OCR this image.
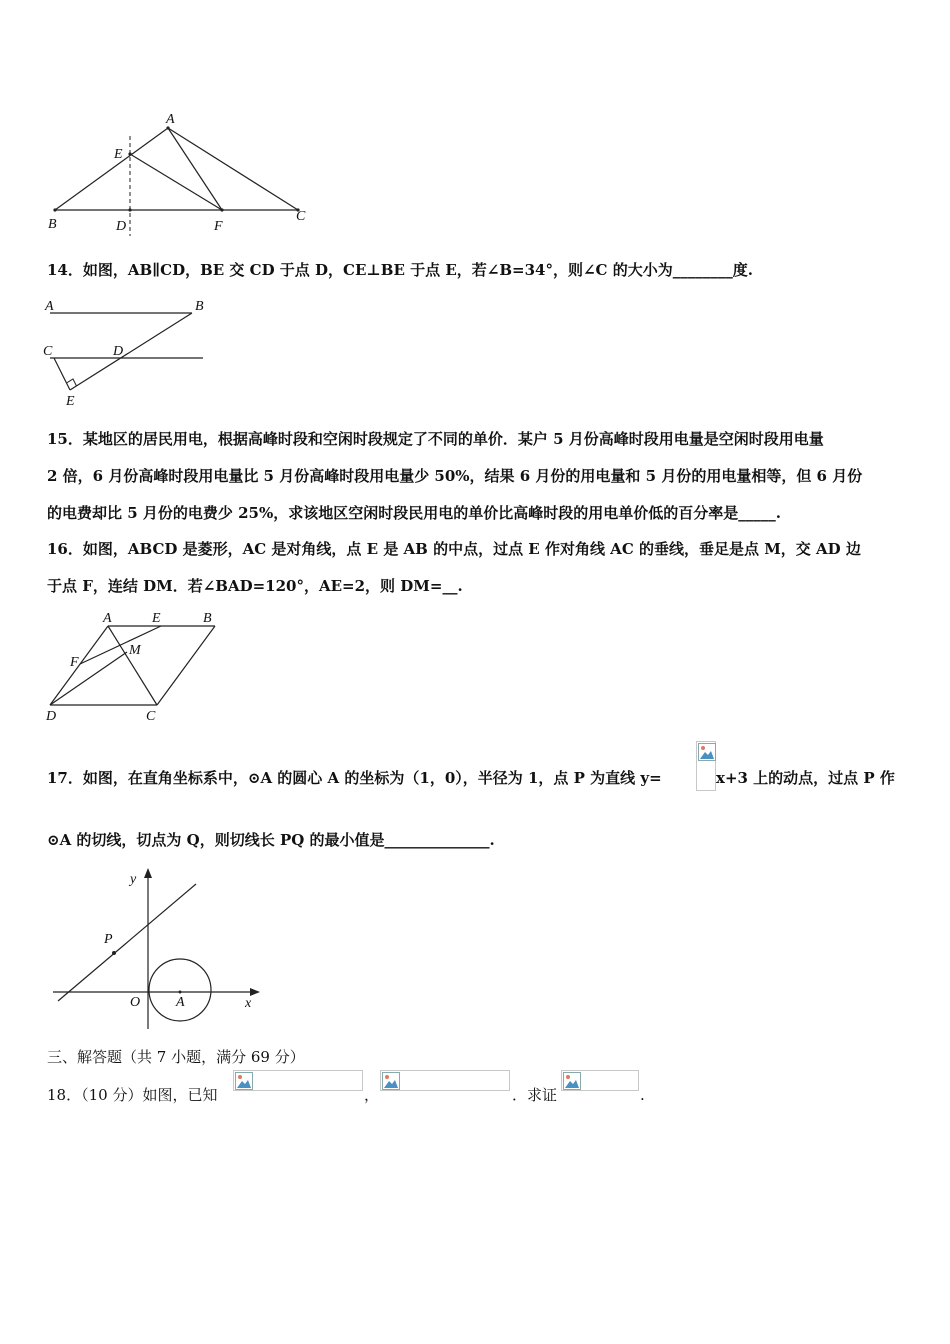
A
E
B	D	F
C
14．如图，AB∥CD，BE 交 CD 于点 D，CE⊥BE 于点 E，若∠B=34°，则∠C 的大小为________度.
A	B
C	D
E
15．某地区的居民用电，根据高峰时段和空闲时段规定了不同的单价．某户 5 月份高峰时段用电量是空闲时段用电量
2 倍，6 月份高峰时段用电量比 5 月份高峰时段用电量少 50%，结果 6 月份的用电量和 5 月份的用电量相等，但 6 月份
的电费却比 5 月份的电费少 25%，求该地区空闲时段民用电的单价比高峰时段的用电单价低的百分率是_____.
16．如图，ABCD 是菱形，AC 是对角线，点 E 是 AB 的中点，过点 E 作对角线 AC 的垂线，垂足是点 M，交 AD 边
于点 F，连结 DM．若∠BAD=120°，AE=2，则 DM=__.
A	E	B
F
M
D	C
17．如图，在直角坐标系中，⊙A 的圆心 A 的坐标为（1，0），半径为 1，点 P 为直线 y=	x+3 上的动点，过点 P 作
⊙A 的切线，切点为 Q，则切线长 PQ 的最小值是______________.
y
x
O	A
P
三、解答题（共 7 小题，满分 69 分）
18．（10 分）如图，已知	，	．求证	.
